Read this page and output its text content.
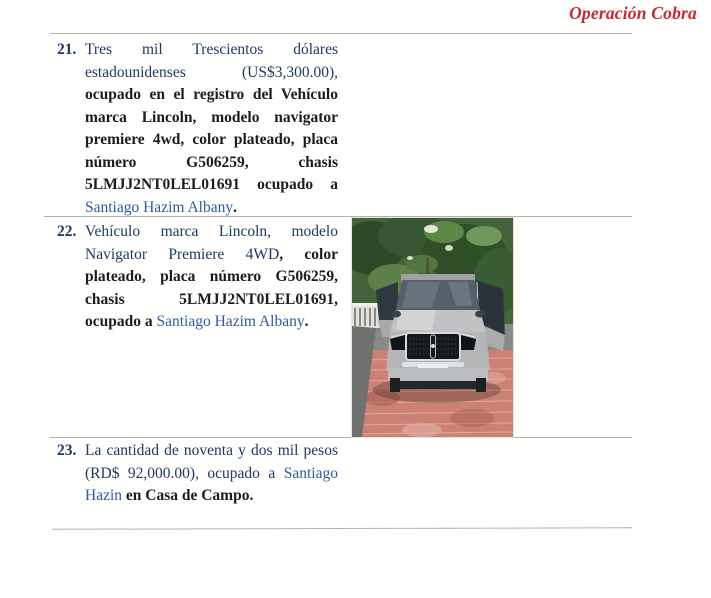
Operación Cobra
21. Tres mil Trescientos dólares estadounidenses (US$3,300.00), ocupado en el registro del Vehículo marca Lincoln, modelo navigator premiere 4wd, color plateado, placa número G506259, chasis 5LMJJ2NT0LEL01691 ocupado a Santiago Hazim Albany.
22. Vehículo marca Lincoln, modelo Navigator Premiere 4WD, color plateado, placa número G506259, chasis 5LMJJ2NT0LEL01691, ocupado a Santiago Hazim Albany.
23. La cantidad de noventa y dos mil pesos (RD$ 92,000.00), ocupado a Santiago Hazin en Casa de Campo.
